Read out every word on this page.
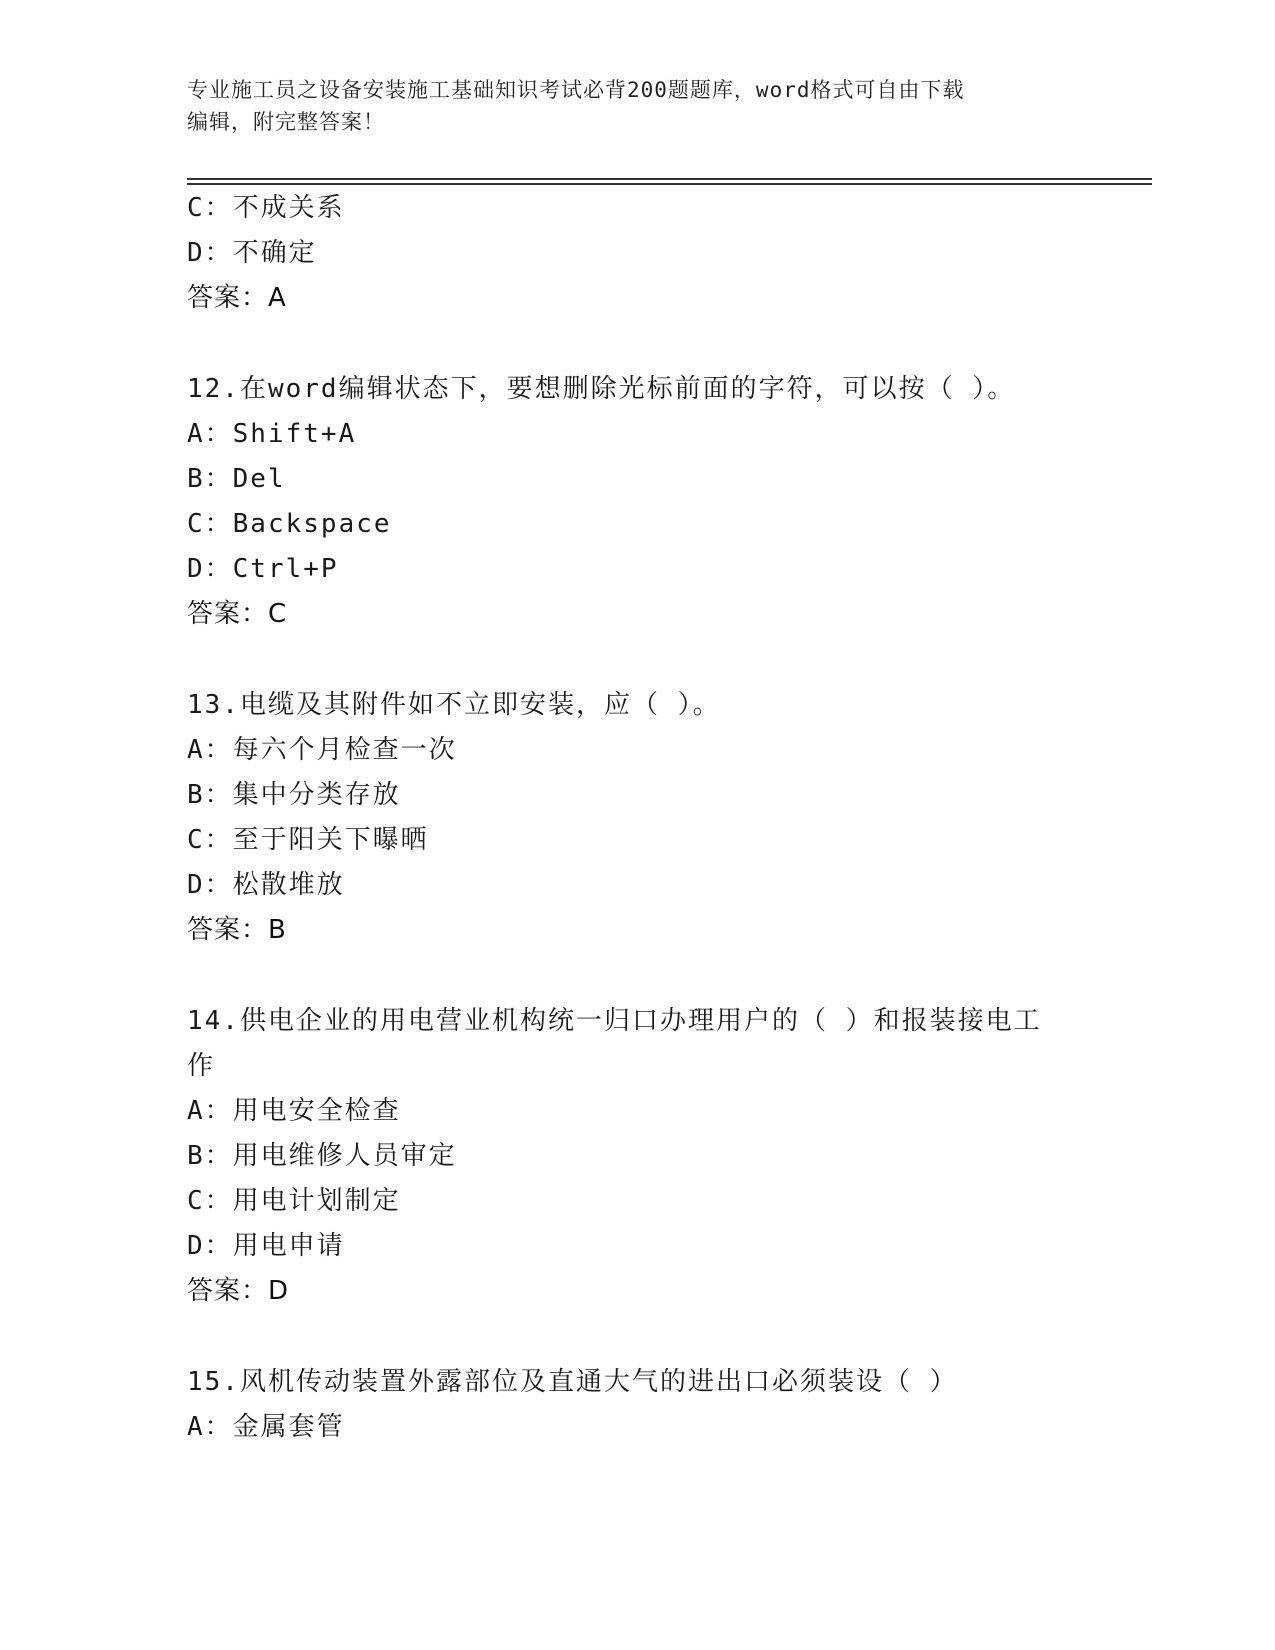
专业施工员之设备安装施工基础知识考试必背200题题库，word格式可自由下载
编辑，附完整答案！
C：不成关系
D：不确定
答案：A
12.在word编辑状态下，要想删除光标前面的字符，可以按（ ）。
A：Shift+A
B：Del
C：Backspace
D：Ctrl+P
答案：C
13.电缆及其附件如不立即安装，应（ ）。
A：每六个月检查一次
B：集中分类存放
C：至于阳关下曝晒
D：松散堆放
答案：B
14.供电企业的用电营业机构统一归口办理用户的（ ）和报装接电工
作
A：用电安全检查
B：用电维修人员审定
C：用电计划制定
D：用电申请
答案：D
15.风机传动装置外露部位及直通大气的进出口必须装设（ ）
A：金属套管
